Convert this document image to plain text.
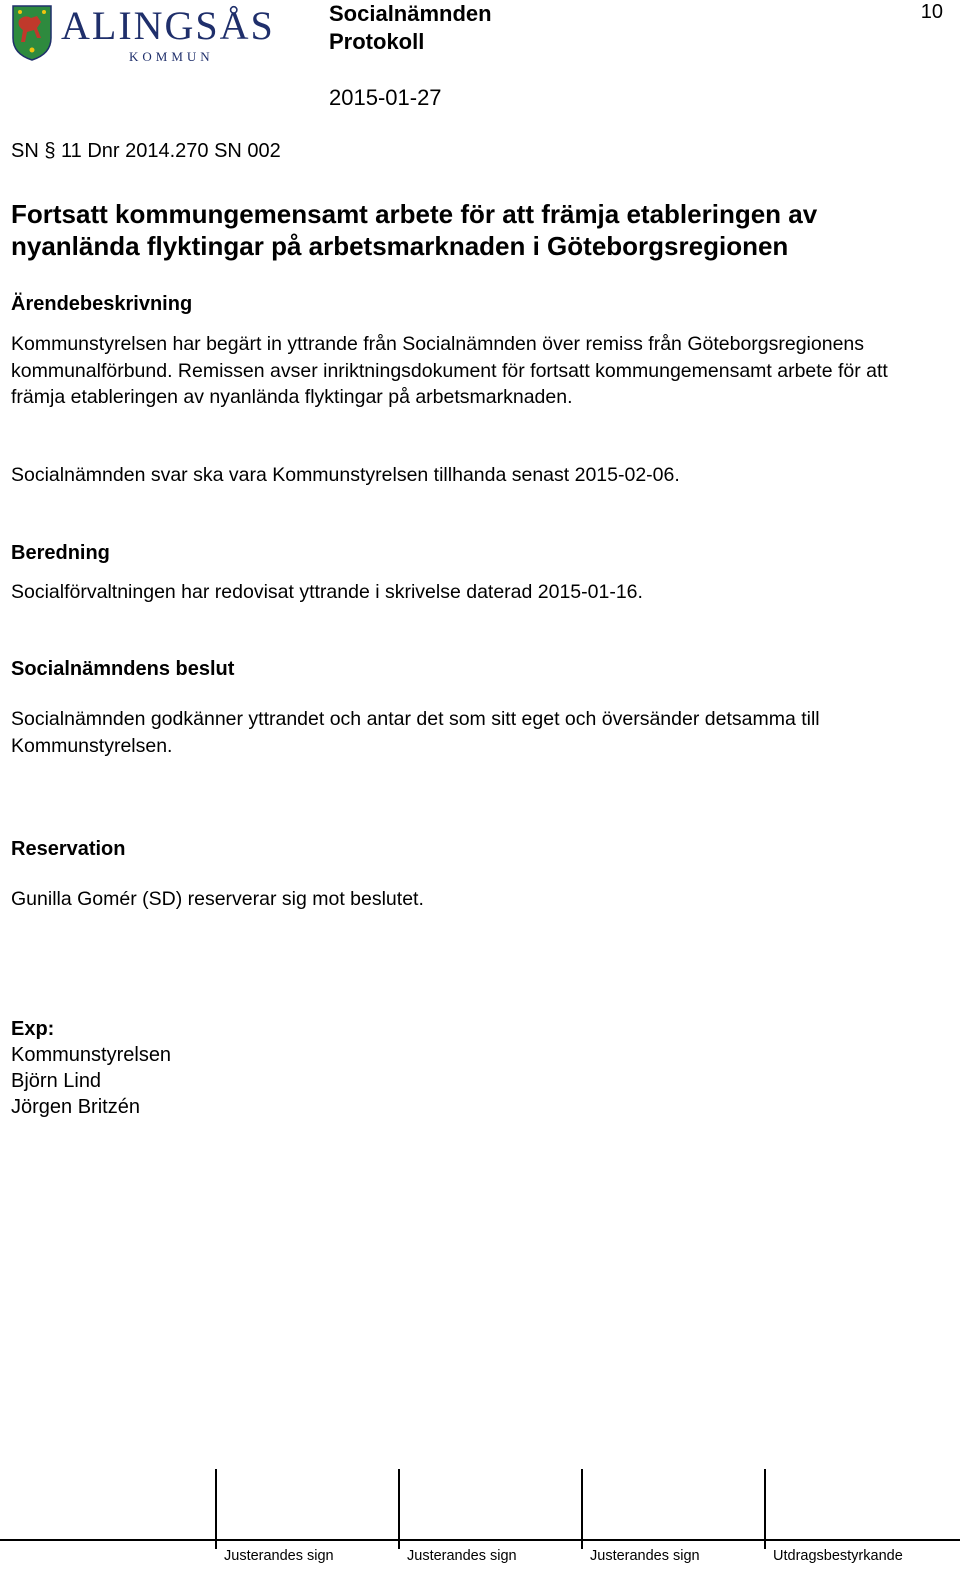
ALINGSÅS
KOMMUN
Socialnämnden
Protokoll
2015-01-27
10
SN § 11 Dnr 2014.270 SN 002
Fortsatt kommungemensamt arbete för att främja etableringen av nyanlända flyktingar på arbetsmarknaden i Göteborgsregionen
Ärendebeskrivning
Kommunstyrelsen har begärt in yttrande från Socialnämnden över remiss från Göteborgsregionens kommunalförbund. Remissen avser inriktningsdokument för fortsatt kommungemensamt arbete för att främja etableringen av nyanlända flyktingar på arbetsmarknaden.
Socialnämnden svar ska vara Kommunstyrelsen tillhanda senast 2015-02-06.
Beredning
Socialförvaltningen har redovisat yttrande i skrivelse daterad 2015-01-16.
Socialnämndens beslut
Socialnämnden godkänner yttrandet och antar det som sitt eget och översänder detsamma till Kommunstyrelsen.
Reservation
Gunilla Gomér (SD) reserverar sig mot beslutet.
Exp:
Kommunstyrelsen
Björn Lind
Jörgen Britzén
Justerandes sign	Justerandes sign	Justerandes sign	Utdragsbestyrkande
